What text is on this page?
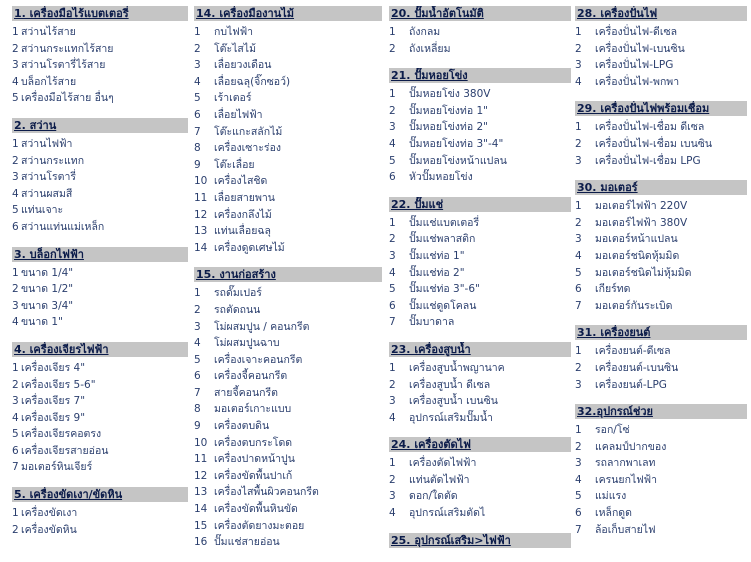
1. เครื่องมือไร้แบตเตอรี่
1 สว่านไร้สาย
2 สว่านกระแทกไร้สาย
3 สว่านโรตารี่ไร้สาย
4 บล็อกไร้สาย
5 เครื่องมือไร้สาย อื่นๆ
2. สว่าน
1 สว่านไฟฟ้า
2 สว่านกระแทก
3 สว่านโรตารี่
4 สว่านผสมสี
5 แท่นเจาะ
6 สว่านแท่นแม่เหล็ก
3. บล็อกไฟฟ้า
1 ขนาด 1/4"
2 ขนาด 1/2"
3 ขนาด 3/4"
4 ขนาด 1"
4. เครื่องเจียรไฟฟ้า
1 เครื่องเจียร 4"
2 เครื่องเจียร 5-6"
3 เครื่องเจียร 7"
4 เครื่องเจียร 9"
5 เครื่องเจียรคอตรง
6 เครื่องเจียรสายอ่อน
7 มอเตอร์หินเจียร์
5. เครื่องขัดเงา/ขัดหิน
1 เครื่องขัดเงา
2 เครื่องขัดหิน
14. เครื่องมืองานไม้
1 กบไฟฟ้า
2 โต๊ะไสไม้
3 เลื่อยวงเดือน
4 เลื่อยฉลุ(จิ๊กซอว์)
5 เร้าเตอร์
6 เลื่อยไฟฟ้า
7 โต๊ะแกะสลักไม้
8 เครื่องเซาะร่อง
9 โต๊ะเลื่อย
10 เครื่องไสชิด
11 เลื่อยสายพาน
12 เครื่องกลึงไม้
13 แท่นเลื่อยฉลุ
14 เครื่องดูดเศษไม้
15. งานก่อสร้าง
1 รถดั๊มเปอร์
2 รถตัดถนน
3 โม่ผสมปูน / คอนกรีต
4 โม่ผสมปูนฉาบ
5 เครื่องเจาะคอนกรีต
6 เครื่องจี้คอนกรีต
7 สายจี้คอนกรีต
8 มอเตอร์เกาะแบบ
9 เครื่องตบดิน
10 เครื่องตบกระโดด
11 เครื่องปาดหน้าปูน
12 เครื่องขัดพื้นปาเก้
13 เครื่องไสพื้นผิวคอนกรีต
14 เครื่องขัดพื้นหินขัด
15 เครื่องตัดยางมะตอย
16 ปั๊มแช่สายอ่อน
20. ปั๊มน้ำอัตโนมัติ
1 ถังกลม
2 ถังเหลี่ยม
21. ปั๊มหอยโข่ง
1 ปั๊มหอยโข่ง 380V
2 ปั๊มหอยโข่งท่อ 1"
3 ปั๊มหอยโข่งท่อ 2"
4 ปั๊มหอยโข่งท่อ 3"-4"
5 ปั๊มหอยโข่งหน้าแปลน
6 หัวปั๊มหอยโข่ง
22. ปั๊มแช่
1 ปั๊มแช่แบตเตอรี่
2 ปั๊มแช่พลาสติก
3 ปั๊มแช่ท่อ 1"
4 ปั๊มแช่ท่อ 2"
5 ปั๊มแช่ท่อ 3"-6"
6 ปั๊มแช่ดูดโคลน
7 ปั๊มบาดาล
23. เครื่องสูบน้ำ
1 เครื่องสูบน้ำพญานาค
2 เครื่องสูบน้ำ ดีเซล
3 เครื่องสูบน้ำ เบนซิน
4 อุปกรณ์เสริมปั๊มน้ำ
24. เครื่องตัดไฟ
1 เครื่องตัดไฟฟ้า
2 แท่นตัดไฟฟ้า
3 ดอก/ใดตัด
4 อุปกรณ์เสริมตัดไ
25. อุปกรณ์เสริม>ไฟฟ้า
28. เครื่องปั่นไฟ
1 เครื่องปั่นไฟ-ดีเซล
2 เครื่องปั่นไฟ-เบนซิน
3 เครื่องปั่นไฟ-LPG
4 เครื่องปั่นไฟ-พกพา
29. เครื่องปั่นไฟพร้อมเชื่อม
1 เครื่องปั่นไฟ-เชื่อม ดีเซล
2 เครื่องปั่นไฟ-เชื่อม เบนซิน
3 เครื่องปั่นไฟ-เชื่อม LPG
30. มอเตอร์
1 มอเตอร์ไฟฟ้า 220V
2 มอเตอร์ไฟฟ้า 380V
3 มอเตอร์หน้าแปลน
4 มอเตอร์ชนิดหุ้มมิด
5 มอเตอร์ชนิดไม่หุ้มมิด
6 เกียร์ทด
7 มอเตอร์กันระเบิด
31. เครื่องยนต์
1 เครื่องยนต์-ดีเซล
2 เครื่องยนต์-เบนซิน
3 เครื่องยนต์-LPG
32.อุปกรณ์ช่วย
1 รอก/โซ่
2 แคลมป์ปากของ
3 รถลากพาเลท
4 เครนยกไฟฟ้า
5 แม่แรง
6 เหล็กดูด
7 ล้อเก็บสายไฟ
